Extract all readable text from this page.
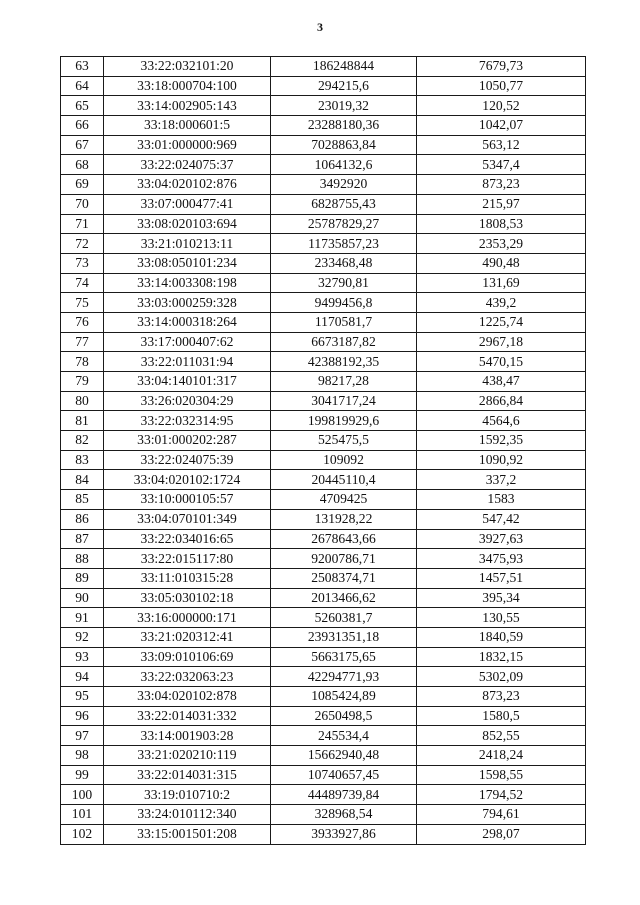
3
63	33:22:032101:20	186248844	7679,73
64	33:18:000704:100	294215,6	1050,77
65	33:14:002905:143	23019,32	120,52
66	33:18:000601:5	23288180,36	1042,07
67	33:01:000000:969	7028863,84	563,12
68	33:22:024075:37	1064132,6	5347,4
69	33:04:020102:876	3492920	873,23
70	33:07:000477:41	6828755,43	215,97
71	33:08:020103:694	25787829,27	1808,53
72	33:21:010213:11	11735857,23	2353,29
73	33:08:050101:234	233468,48	490,48
74	33:14:003308:198	32790,81	131,69
75	33:03:000259:328	9499456,8	439,2
76	33:14:000318:264	1170581,7	1225,74
77	33:17:000407:62	6673187,82	2967,18
78	33:22:011031:94	42388192,35	5470,15
79	33:04:140101:317	98217,28	438,47
80	33:26:020304:29	3041717,24	2866,84
81	33:22:032314:95	199819929,6	4564,6
82	33:01:000202:287	525475,5	1592,35
83	33:22:024075:39	109092	1090,92
84	33:04:020102:1724	20445110,4	337,2
85	33:10:000105:57	4709425	1583
86	33:04:070101:349	131928,22	547,42
87	33:22:034016:65	2678643,66	3927,63
88	33:22:015117:80	9200786,71	3475,93
89	33:11:010315:28	2508374,71	1457,51
90	33:05:030102:18	2013466,62	395,34
91	33:16:000000:171	5260381,7	130,55
92	33:21:020312:41	23931351,18	1840,59
93	33:09:010106:69	5663175,65	1832,15
94	33:22:032063:23	42294771,93	5302,09
95	33:04:020102:878	1085424,89	873,23
96	33:22:014031:332	2650498,5	1580,5
97	33:14:001903:28	245534,4	852,55
98	33:21:020210:119	15662940,48	2418,24
99	33:22:014031:315	10740657,45	1598,55
100	33:19:010710:2	44489739,84	1794,52
101	33:24:010112:340	328968,54	794,61
102	33:15:001501:208	3933927,86	298,07
